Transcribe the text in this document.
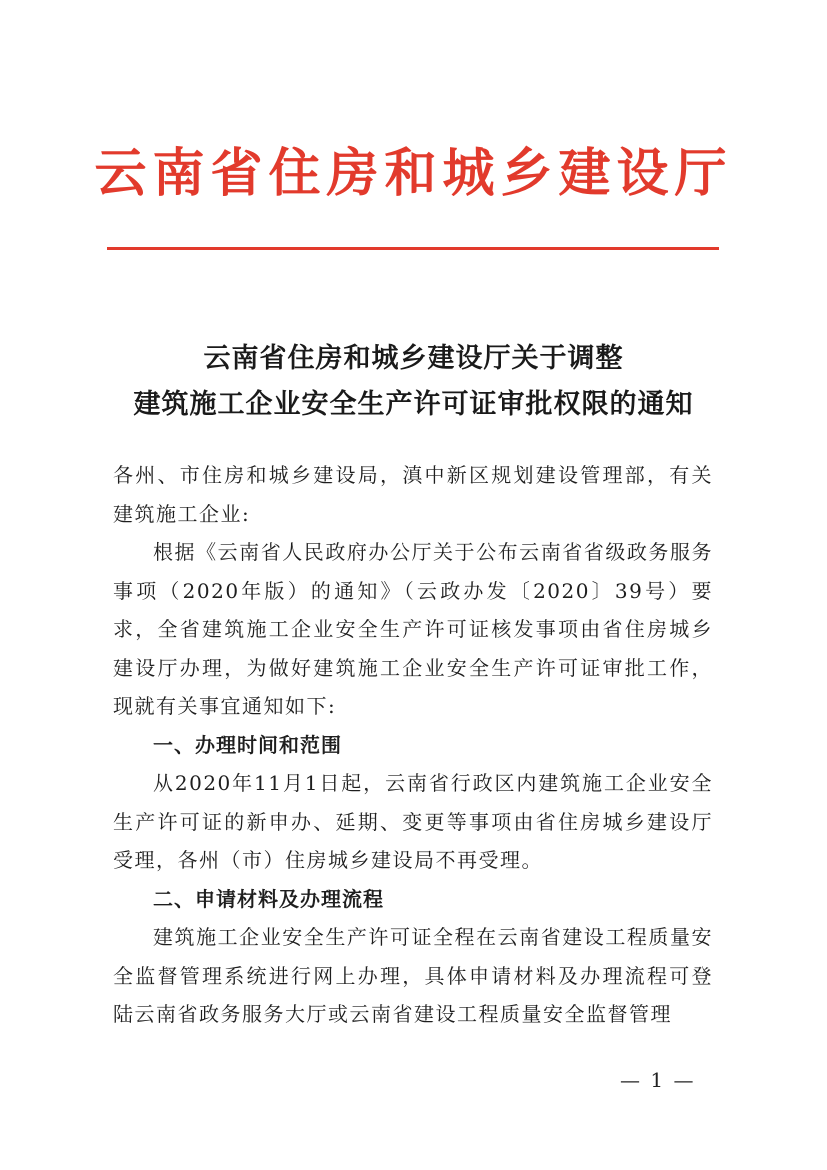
云南省住房和城乡建设厅
云南省住房和城乡建设厅关于调整
建筑施工企业安全生产许可证审批权限的通知

各州、市住房和城乡建设局，滇中新区规划建设管理部，有关建筑施工企业:

根据《云南省人民政府办公厅关于公布云南省省级政务服务事项（2020年版）的通知》（云政办发〔2020〕39号）要求，全省建筑施工企业安全生产许可证核发事项由省住房城乡建设厅办理，为做好建筑施工企业安全生产许可证审批工作，现就有关事宜通知如下:

一、办理时间和范围

从2020年11月1日起，云南省行政区内建筑施工企业安全生产许可证的新申办、延期、变更等事项由省住房城乡建设厅受理，各州（市）住房城乡建设局不再受理。

二、申请材料及办理流程

建筑施工企业安全生产许可证全程在云南省建设工程质量安全监督管理系统进行网上办理，具体申请材料及办理流程可登陆云南省政务服务大厅或云南省建设工程质量安全监督管理

— 1 —
